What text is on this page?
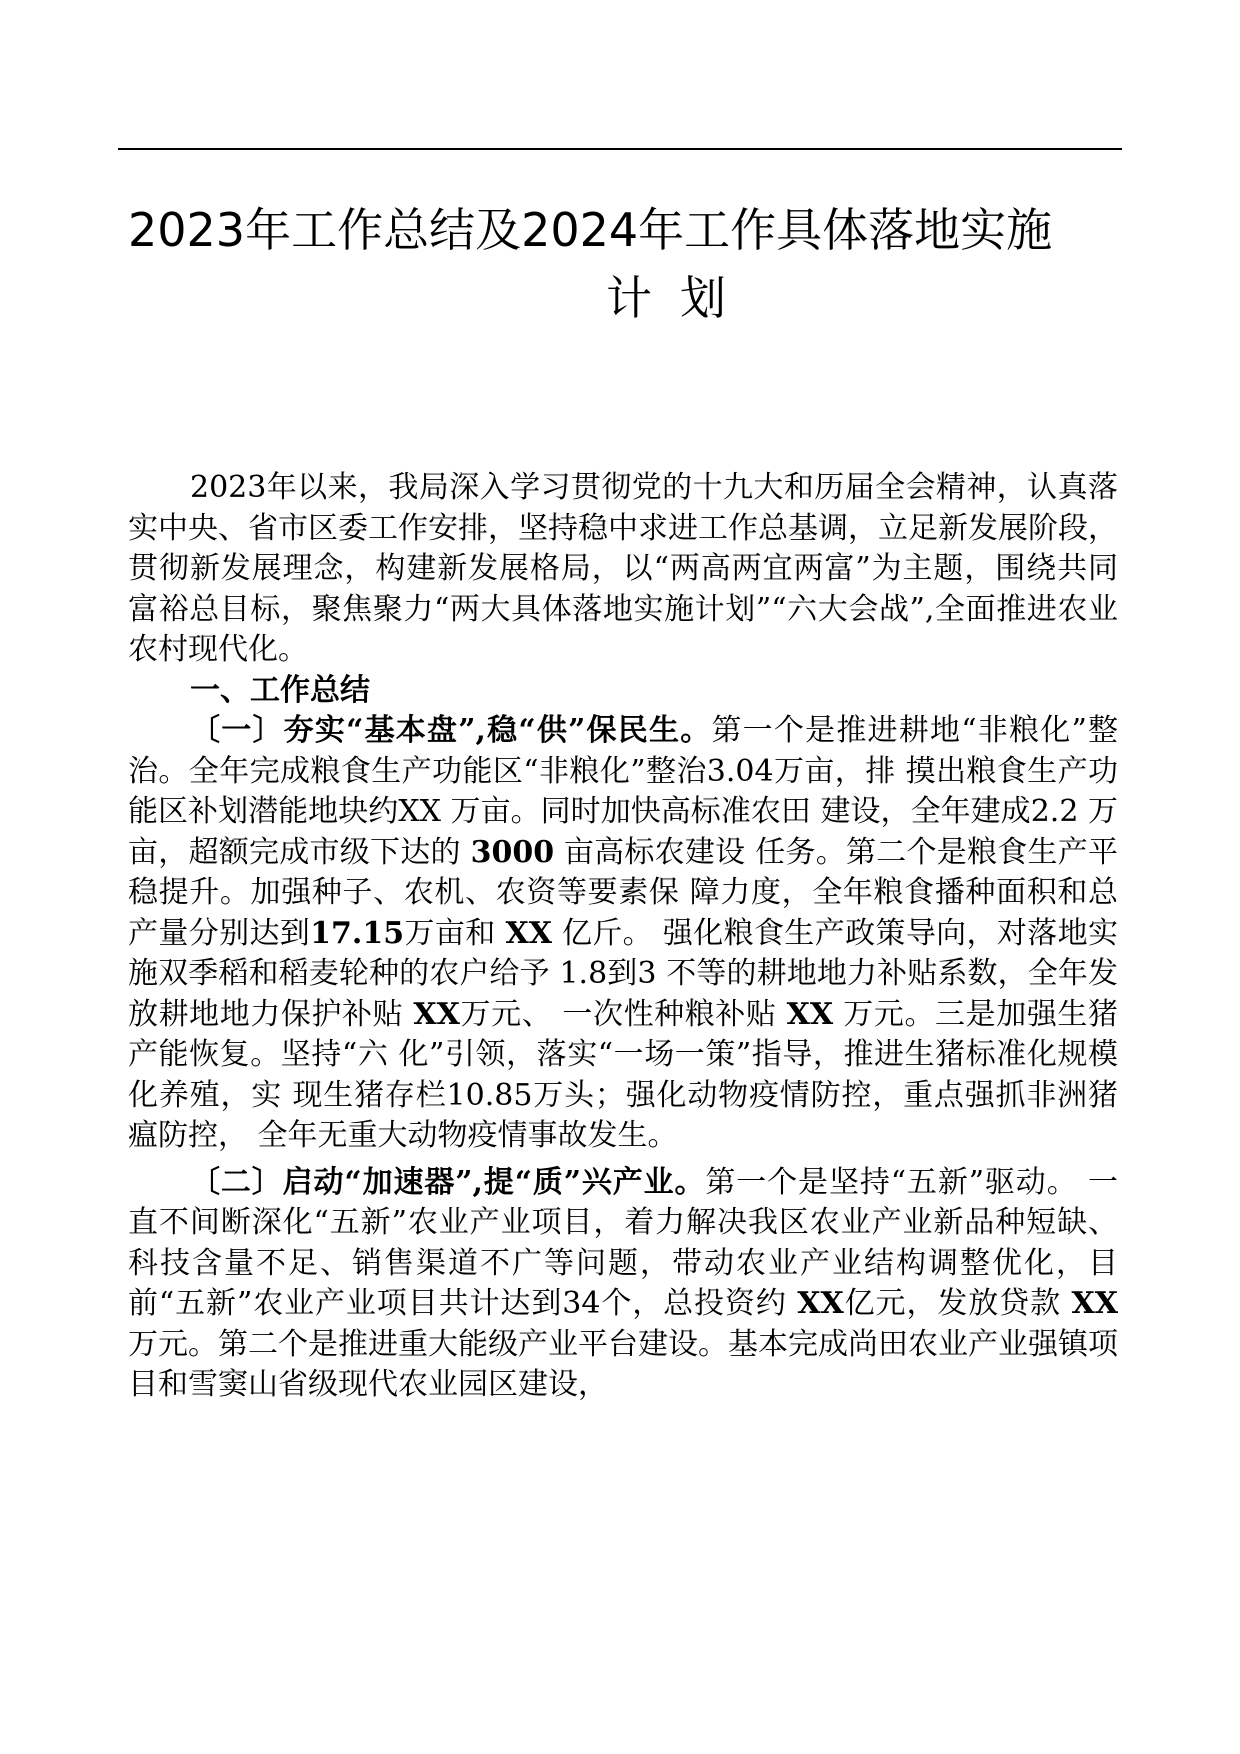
2023年工作总结及2024年工作具体落地实施
计划

2023年以来，我局深入学习贯彻党的十九大和历届全会精神，认真落实中央、省市区委工作安排，坚持稳中求进工作总基调，立足新发展阶段，贯彻新发展理念，构建新发展格局，以“两高两宜两富”为主题，围绕共同富裕总目标，聚焦聚力“两大具体落地实施计划”“六大会战”,全面推进农业农村现代化。

一、工作总结

〔一〕夯实“基本盘”,稳“供”保民生。第一个是推进耕地“非粮化”整治。全年完成粮食生产功能区“非粮化”整治3.04万亩，排 摸出粮食生产功能区补划潜能地块约XX 万亩。同时加快高标准农田 建设，全年建成2.2 万亩，超额完成市级下达的 3000 亩高标农建设 任务。第二个是粮食生产平稳提升。加强种子、农机、农资等要素保 障力度，全年粮食播种面积和总产量分别达到17.15万亩和 XX 亿斤。 强化粮食生产政策导向，对落地实施双季稻和稻麦轮种的农户给予 1.8到3 不等的耕地地力补贴系数，全年发放耕地地力保护补贴 XX万元、 一次性种粮补贴 XX 万元。三是加强生猪产能恢复。坚持“六 化”引领，落实“一场一策”指导，推进生猪标准化规模化养殖，实 现生猪存栏10.85万头；强化动物疫情防控，重点强抓非洲猪瘟防控， 全年无重大动物疫情事故发生。

〔二〕启动“加速器”,提“质”兴产业。第一个是坚持“五新”驱动。 一直不间断深化“五新”农业产业项目，着力解决我区农业产业新品种短缺、科技含量不足、销售渠道不广等问题，带动农业产业结构调整优化，目前“五新”农业产业项目共计达到34个，总投资约 XX亿元，发放贷款 XX万元。第二个是推进重大能级产业平台建设。基本完成尚田农业产业强镇项目和雪窦山省级现代农业园区建设，
